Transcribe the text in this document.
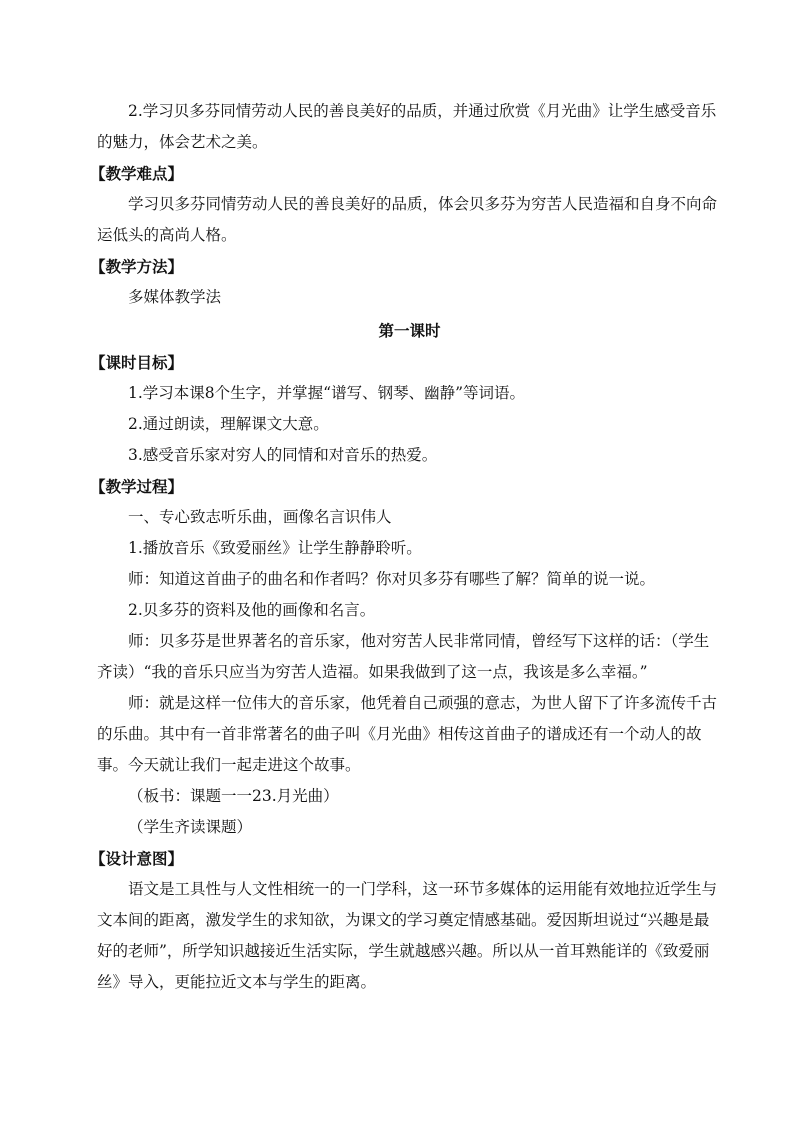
2.学习贝多芬同情劳动人民的善良美好的品质，并通过欣赏《月光曲》让学生感受音乐的魅力，体会艺术之美。

【教学难点】

学习贝多芬同情劳动人民的善良美好的品质，体会贝多芬为穷苦人民造福和自身不向命运低头的高尚人格。

【教学方法】

多媒体教学法

第一课时

【课时目标】

1.学习本课8个生字，并掌握“谱写、钢琴、幽静”等词语。

2.通过朗读，理解课文大意。

3.感受音乐家对穷人的同情和对音乐的热爱。

【教学过程】

一、专心致志听乐曲，画像名言识伟人

1.播放音乐《致爱丽丝》让学生静静聆听。

师：知道这首曲子的曲名和作者吗？你对贝多芬有哪些了解？简单的说一说。

2.贝多芬的资料及他的画像和名言。

师：贝多芬是世界著名的音乐家，他对穷苦人民非常同情，曾经写下这样的话：（学生齐读）“我的音乐只应当为穷苦人造福。如果我做到了这一点，我该是多么幸福。”

师：就是这样一位伟大的音乐家，他凭着自己顽强的意志，为世人留下了许多流传千古的乐曲。其中有一首非常著名的曲子叫《月光曲》相传这首曲子的谱成还有一个动人的故事。今天就让我们一起走进这个故事。

（板书：课题一一23.月光曲）

（学生齐读课题）

【设计意图】

语文是工具性与人文性相统一的一门学科，这一环节多媒体的运用能有效地拉近学生与文本间的距离，激发学生的求知欲，为课文的学习奠定情感基础。爱因斯坦说过“兴趣是最好的老师”，所学知识越接近生活实际，学生就越感兴趣。所以从一首耳熟能详的《致爱丽丝》导入，更能拉近文本与学生的距离。
